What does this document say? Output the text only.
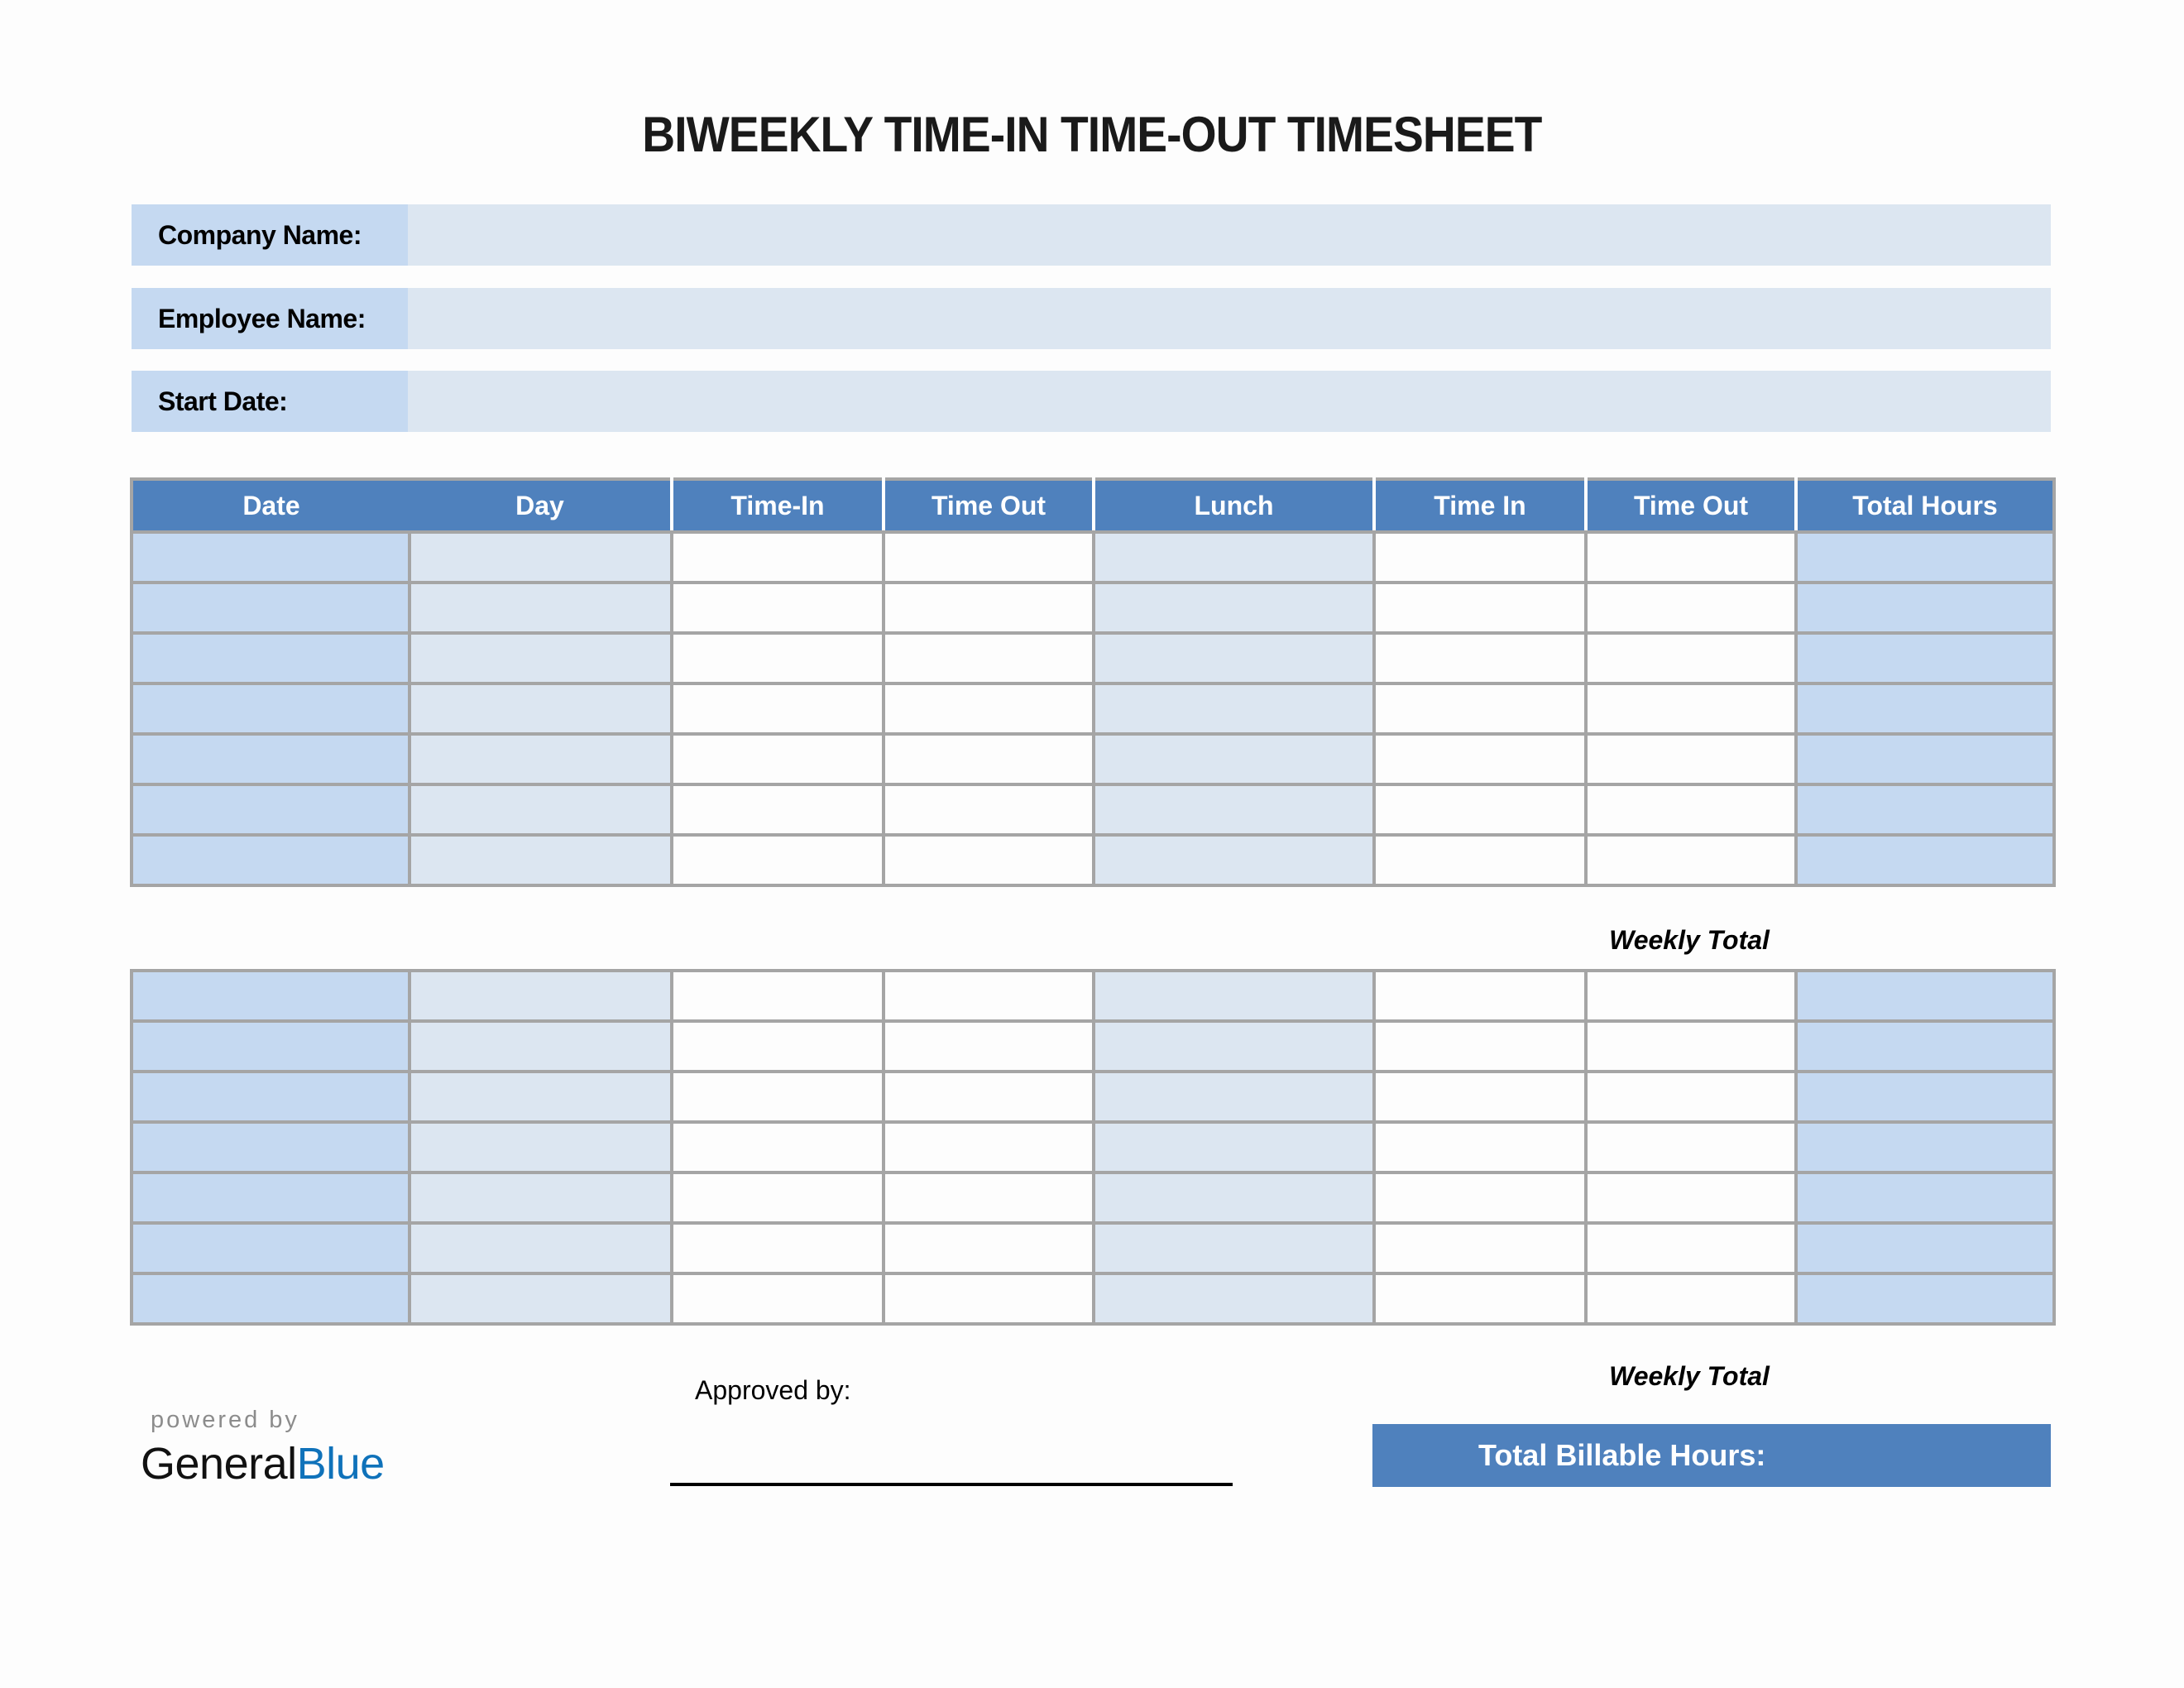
BIWEEKLY TIME-IN TIME-OUT TIMESHEET
Company Name:
Employee Name:
Start Date:
Date	Day	Time-In	Time Out	Lunch	Time In	Time Out	Total Hours

Weekly Total

Weekly Total
Approved by:
Total Billable Hours:
powered by
GeneralBlue
